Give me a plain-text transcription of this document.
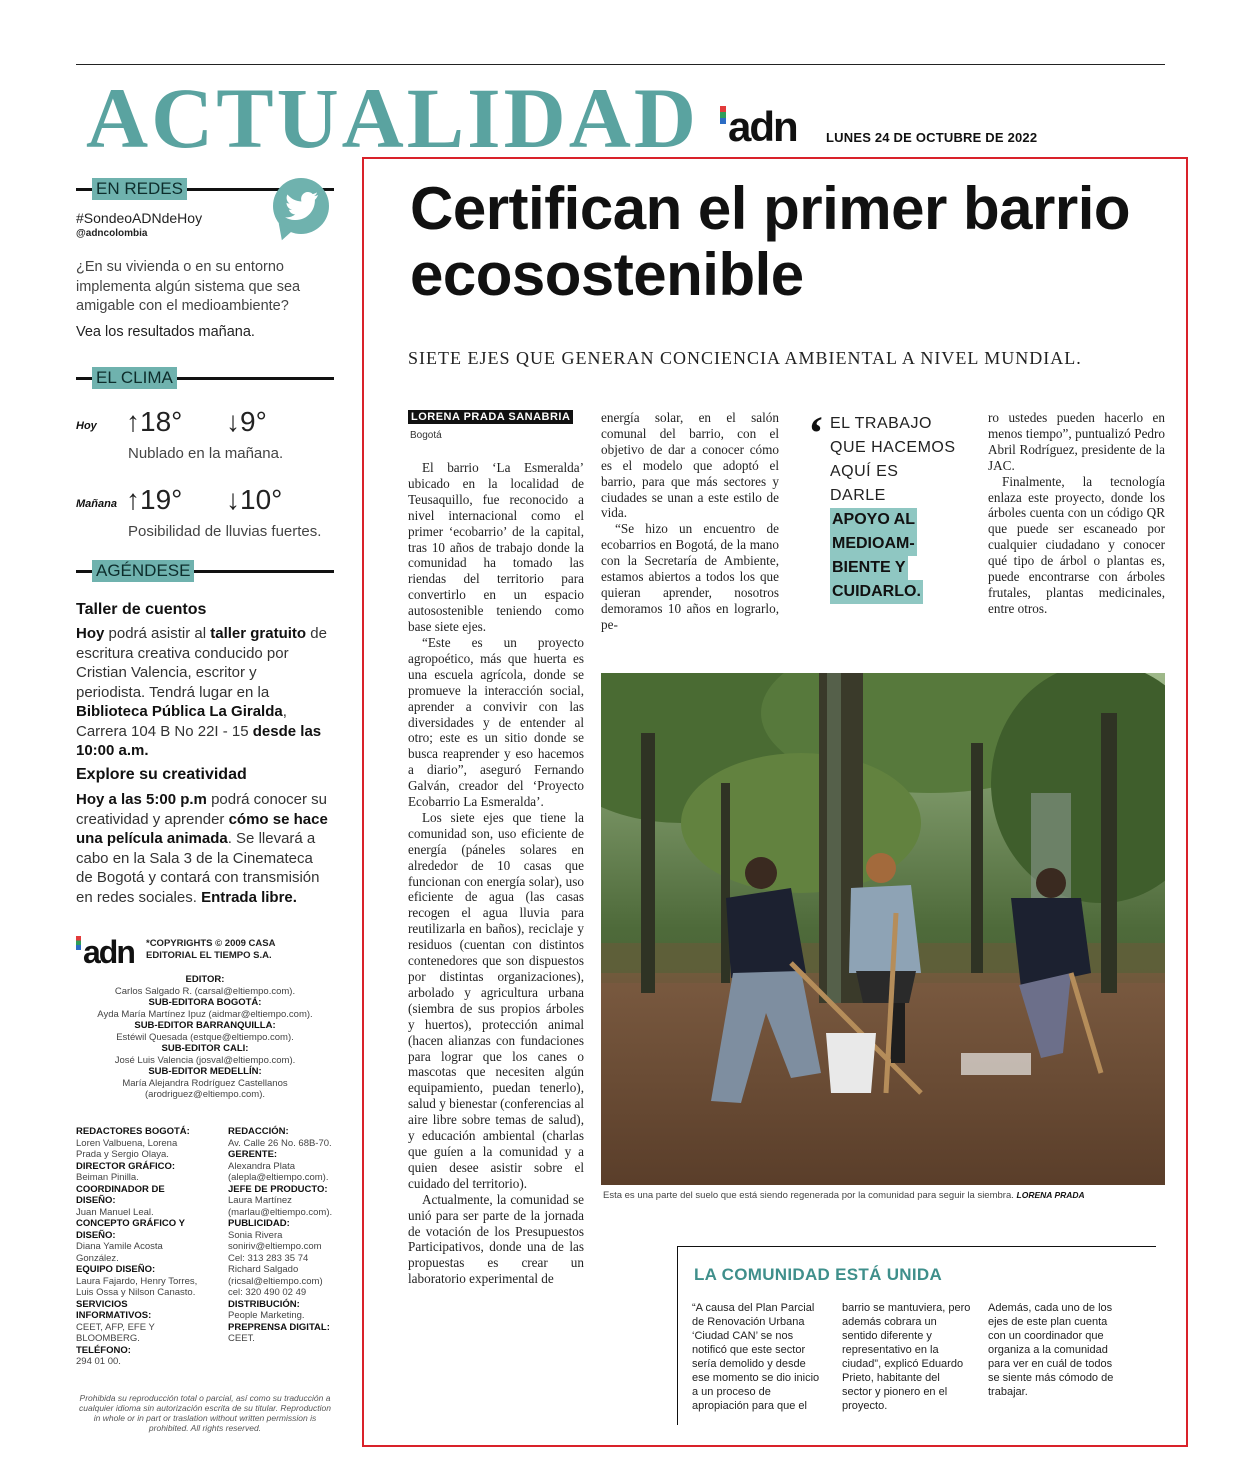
ACTUALIDAD adn LUNES 24 DE OCTUBRE DE 2022
EN REDES
#SondeoADNdeHoy
@adncolombia
¿En su vivienda o en su entorno implementa algún sistema que sea amigable con el medioambiente?
Vea los resultados mañana.
EL CLIMA
Hoy ↑18° ↓9°
Nublado en la mañana.
Mañana ↑19° ↓10°
Posibilidad de lluvias fuertes.
AGÉNDESE
Taller de cuentos
Hoy podrá asistir al taller gratuito de escritura creativa conducido por Cristian Valencia, escritor y periodista. Tendrá lugar en la Biblioteca Pública La Giralda, Carrera 104 B No 22I - 15 desde las 10:00 a.m.
Explore su creatividad
Hoy a las 5:00 p.m podrá conocer su creatividad y aprender cómo se hace una película animada. Se llevará a cabo en la Sala 3 de la Cinemateca de Bogotá y contará con transmisión en redes sociales. Entrada libre.
adn *COPYRIGHTS © 2009 CASA EDITORIAL EL TIEMPO S.A.
EDITOR:
Carlos Salgado R. (carsal@eltiempo.com).
SUB-EDITORA BOGOTÁ:
Ayda María Martínez Ipuz (aidmar@eltiempo.com).
SUB-EDITOR BARRANQUILLA:
Estéwil Quesada (estque@eltiempo.com).
SUB-EDITOR CALI:
José Luis Valencia (josval@eltiempo.com).
SUB-EDITOR MEDELLÍN:
María Alejandra Rodríguez Castellanos (arodriguez@eltiempo.com).
REDACTORES BOGOTÁ:
Loren Valbuena, Lorena Prada y Sergio Olaya.
DIRECTOR GRÁFICO:
Beiman Pinilla.
COORDINADOR DE DISEÑO:
Juan Manuel Leal.
CONCEPTO GRÁFICO Y DISEÑO:
Diana Yamile Acosta González.
EQUIPO DISEÑO:
Laura Fajardo, Henry Torres, Luis Ossa y Nilson Canasto.
SERVICIOS INFORMATIVOS:
CEET, AFP, EFE Y BLOOMBERG.
TELÉFONO:
294 01 00.
REDACCIÓN:
Av. Calle 26 No. 68B-70.
GERENTE:
Alexandra Plata (alepla@eltiempo.com).
JEFE DE PRODUCTO:
Laura Martínez (marlau@eltiempo.com).
PUBLICIDAD:
Sonia Rivera soniriv@eltiempo.com Cel: 313 283 35 74 Richard Salgado (ricsal@eltiempo.com) cel: 320 490 02 49
DISTRIBUCIÓN:
People Marketing.
PREPRENSA DIGITAL:
CEET.
Prohibida su reproducción total o parcial, así como su traducción a cualquier idioma sin autorización escrita de su titular. Reproduction in whole or in part or traslation without written permission is prohibited. All rights reserved.
Certifican el primer barrio ecosostenible
SIETE EJES QUE GENERAN CONCIENCIA AMBIENTAL A NIVEL MUNDIAL.
LORENA PRADA SANABRIA
Bogotá

El barrio ‘La Esmeralda’ ubicado en la localidad de Teusaquillo, fue reconocido a nivel internacional como el primer ‘ecobarrio’ de la capital, tras 10 años de trabajo donde la comunidad ha tomado las riendas del territorio para convertirlo en un espacio autosostenible teniendo como base siete ejes.

“Este es un proyecto agropoético, más que huerta es una escuela agrícola, donde se promueve la interacción social, aprender a convivir con las diversidades y de entender al otro; este es un sitio donde se busca reaprender y eso hacemos a diario”, aseguró Fernando Galván, creador del ‘Proyecto Ecobarrio La Esmeralda’.

Los siete ejes que tiene la comunidad son, uso eficiente de energía (páneles solares en alrededor de 10 casas que funcionan con energía solar), uso eficiente de agua (las casas recogen el agua lluvia para reutilizarla en baños), reciclaje y residuos (cuentan con distintos contenedores que son dispuestos por distintas organizaciones), arbolado y agricultura urbana (siembra de sus propios árboles y huertos), protección animal (hacen alianzas con fundaciones para lograr que los canes o mascotas que necesiten algún equipamiento, puedan tenerlo), salud y bienestar (conferencias al aire libre sobre temas de salud), y educación ambiental (charlas que guíen a la comunidad y a quien desee asistir sobre el cuidado del territorio).

Actualmente, la comunidad se unió para ser parte de la jornada de votación de los Presupuestos Participativos, donde una de las propuestas es crear un laboratorio experimental de

energía solar, en el salón comunal del barrio, con el objetivo de dar a conocer cómo es el modelo que adoptó el barrio, para que más sectores y ciudades se unan a este estilo de vida.

“Se hizo un encuentro de ecobarrios en Bogotá, de la mano con la Secretaría de Ambiente, estamos abiertos a todos los que quieran aprender, nosotros demoramos 10 años en lograrlo, pe-

‘ EL TRABAJO
QUE HACEMOS
AQUÍ ES DARLE
APOYO AL
MEDIOAM-
BIENTE Y
CUIDARLO.

ro ustedes pueden hacerlo en menos tiempo”, puntualizó Pedro Abril Rodríguez, presidente de la JAC.

Finalmente, la tecnología enlaza este proyecto, donde los árboles cuenta con un código QR que puede ser escaneado por cualquier ciudadano y conocer qué tipo de árbol o plantas es, puede encontrarse con árboles frutales, plantas medicinales, entre otros.

Esta es una parte del suelo que está siendo regenerada por la comunidad para seguir la siembra. LORENA PRADA
LA COMUNIDAD ESTÁ UNIDA
“A causa del Plan Parcial de Renovación Urbana ‘Ciudad CAN’ se nos notificó que este sector sería demolido y desde ese momento se dio inicio a un proceso de apropiación para que el
barrio se mantuviera, pero además cobrara un sentido diferente y representativo en la ciudad”, explicó Eduardo Prieto, habitante del sector y pionero en el proyecto.
Además, cada uno de los ejes de este plan cuenta con un coordinador que organiza a la comunidad para ver en cuál de todos se siente más cómodo de trabajar.
